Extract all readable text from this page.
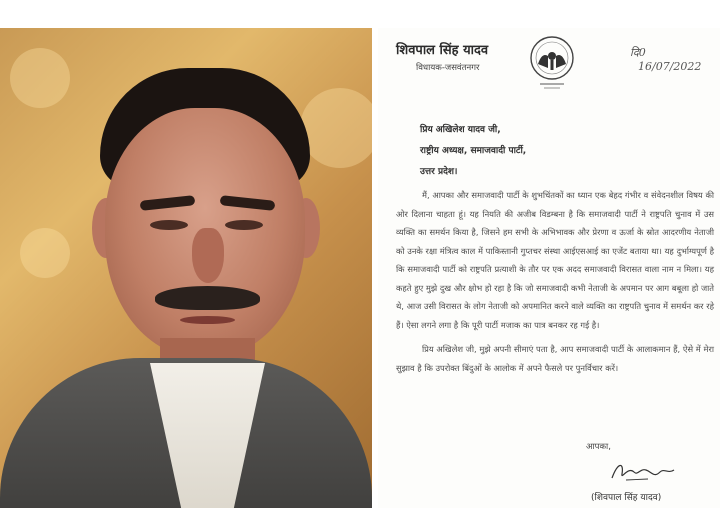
शिवपाल सिंह यादव
विधायक-जसवंतनगर
दि0
16/07/2022
प्रिय अखिलेश यादव जी,
राष्ट्रीय अध्यक्ष, समाजवादी पार्टी,
उत्तर प्रदेश।

मैं, आपका और समाजवादी पार्टी के शुभचिंतकों का ध्यान एक बेहद गंभीर व संवेदनशील विषय की ओर दिलाना चाहता हूं। यह नियति की अजीब विडम्बना है कि समाजवादी पार्टी ने राष्ट्रपति चुनाव में उस व्यक्ति का समर्थन किया है, जिसने हम सभी के अभिभावक और प्रेरणा व ऊर्जा के स्रोत आदरणीय नेताजी को उनके रक्षा मंत्रित्व काल में पाकिस्तानी गुप्तचर संस्था आईएसआई का एजेंट बताया था। यह दुर्भाग्यपूर्ण है कि समाजवादी पार्टी को राष्ट्रपति प्रत्याशी के तौर पर एक अदद समाजवादी विरासत वाला नाम न मिला। यह कहते हुए मुझे दुख और क्षोभ हो रहा है कि जो समाजवादी कभी नेताजी के अपमान पर आग बबूला हो जाते थे, आज उसी विरासत के लोग नेताजी को अपमानित करने वाले व्यक्ति का राष्ट्रपति चुनाव में समर्थन कर रहे हैं। ऐसा लगने लगा है कि पूरी पार्टी मजाक का पात्र बनकर रह गई है।

प्रिय अखिलेश जी, मुझे अपनी सीमाएं पता है, आप समाजवादी पार्टी के आलाकमान हैं, ऐसे में मेरा सुझाव है कि उपरोक्त बिंदुओं के आलोक में अपने फैसले पर पुनर्विचार करें।

आपका,
(शिवपाल सिंह यादव)
